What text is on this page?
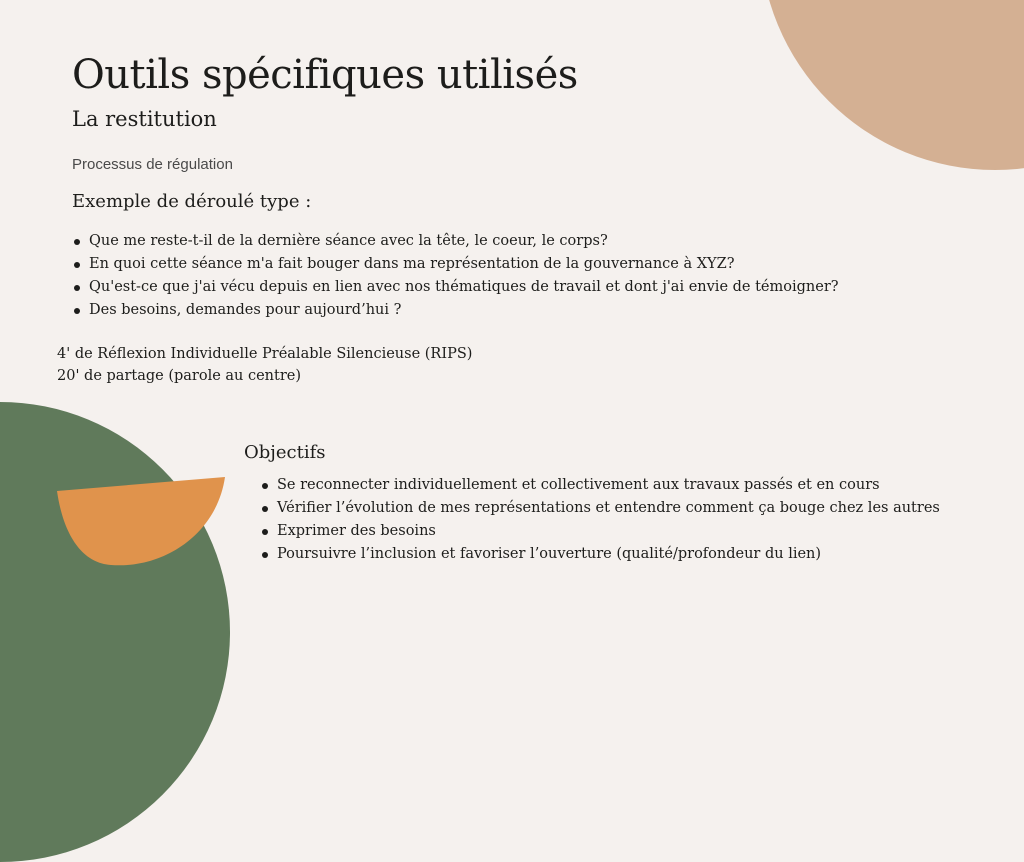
Outils spécifiques utilisés
La restitution
Processus de régulation
Exemple de déroulé type :
Que me reste-t-il de la dernière séance avec la tête, le coeur, le corps?
En quoi cette séance m'a fait bouger dans ma représentation de la gouvernance à XYZ?
Qu'est-ce que j'ai vécu depuis en lien avec nos thématiques de travail et dont j'ai envie de témoigner?
Des besoins, demandes pour aujourd’hui ?
4' de Réflexion Individuelle Préalable Silencieuse (RIPS)
20' de partage (parole au centre)
Objectifs
Se reconnecter individuellement et collectivement aux travaux passés et en cours
Vérifier l’évolution de mes représentations et entendre comment ça bouge chez les autres
Exprimer des besoins
Poursuivre l’inclusion et favoriser l’ouverture (qualité/profondeur du lien)
